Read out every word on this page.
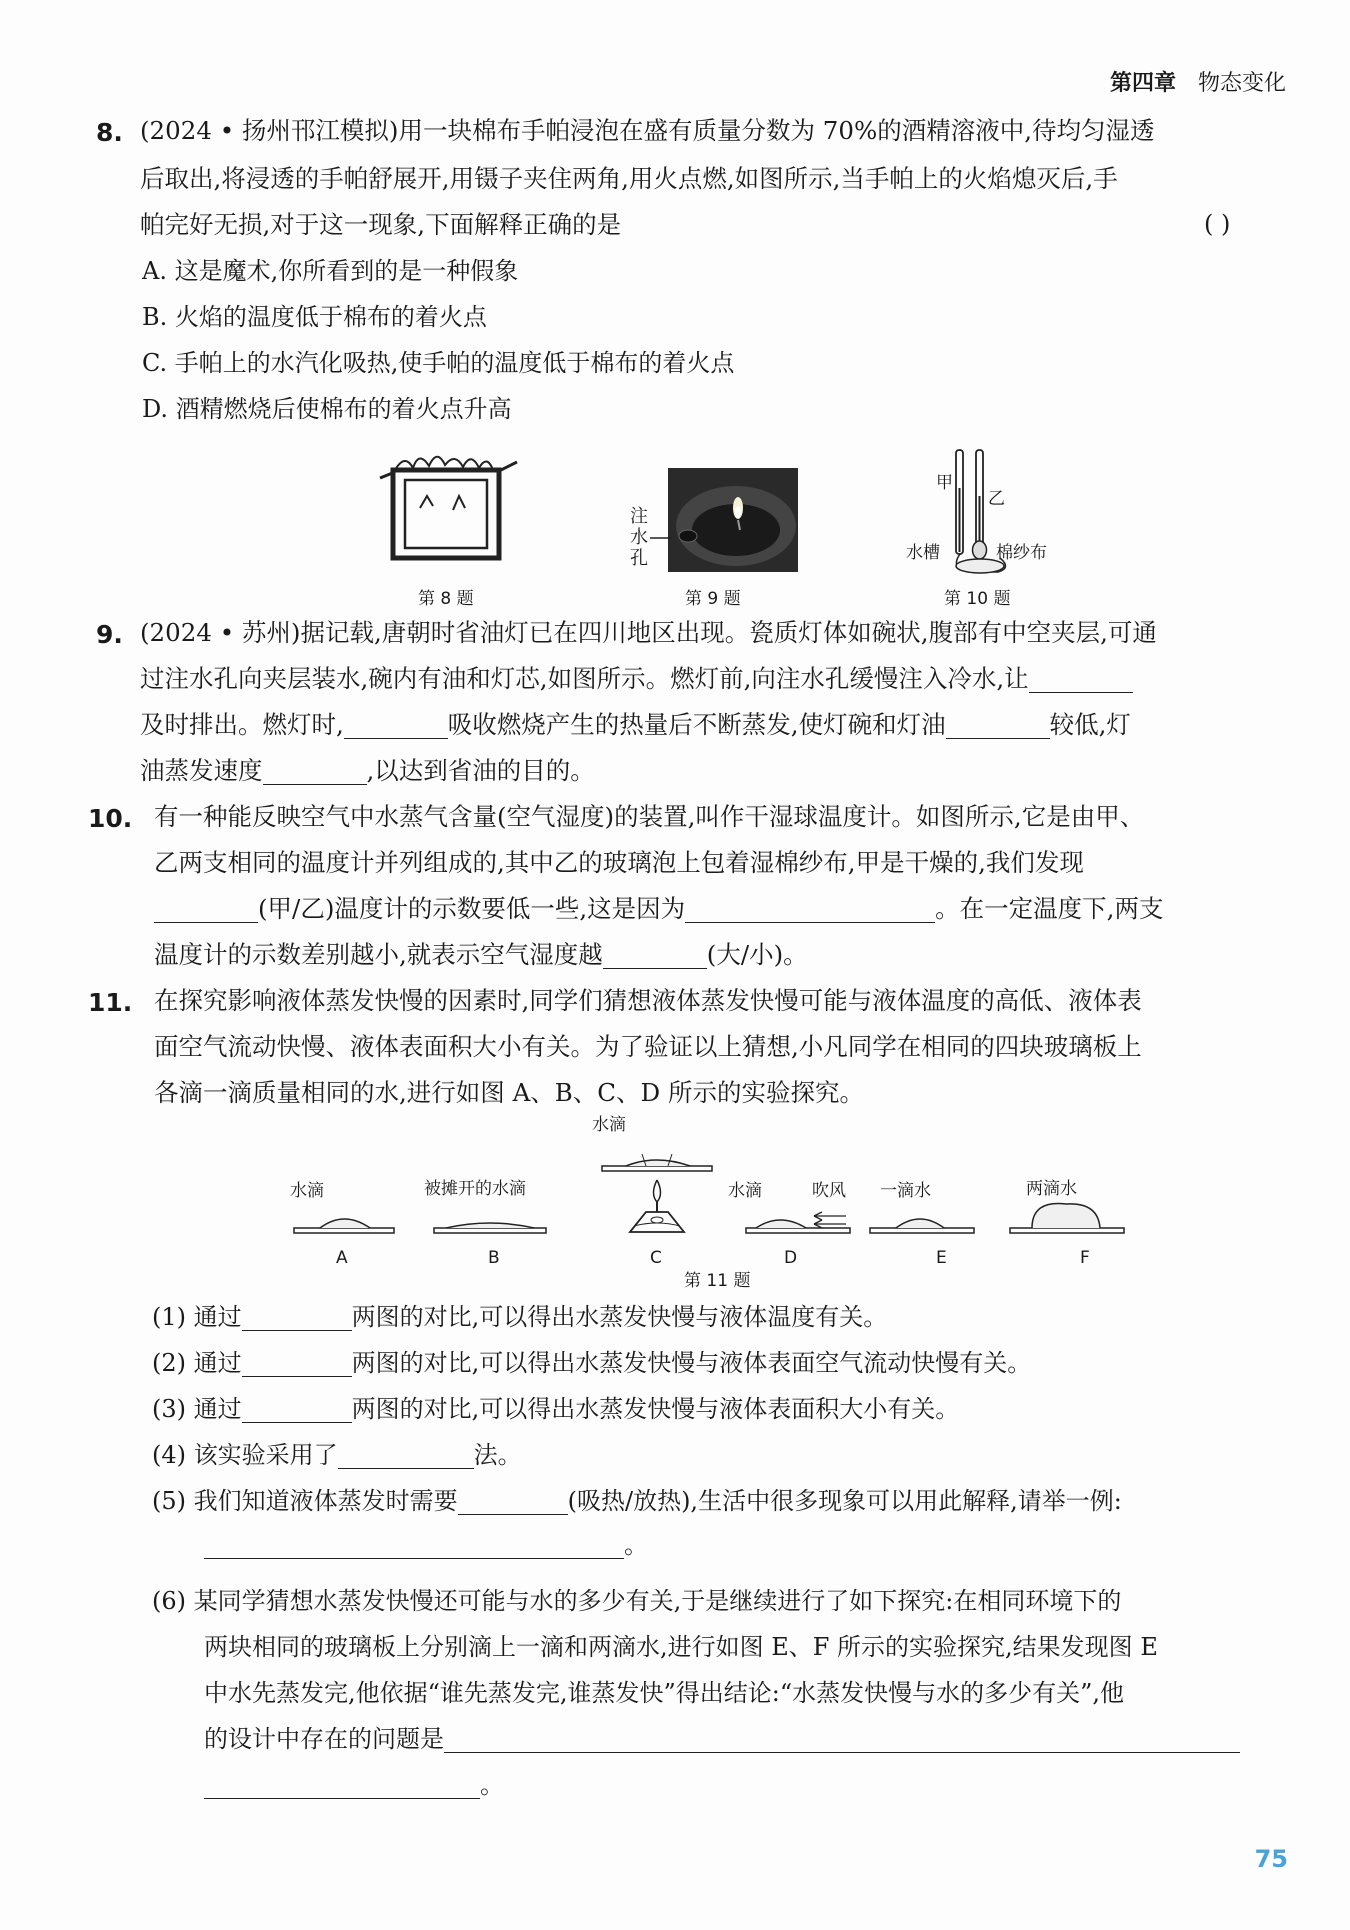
第四章 物态变化
8. (2024 • 扬州邗江模拟)用一块棉布手帕浸泡在盛有质量分数为 70%的酒精溶液中,待均匀湿透
后取出,将浸透的手帕舒展开,用镊子夹住两角,用火点燃,如图所示,当手帕上的火焰熄灭后,手
帕完好无损,对于这一现象,下面解释正确的是	( )
A. 这是魔术,你所看到的是一种假象
B. 火焰的温度低于棉布的着火点
C. 手帕上的水汽化吸热,使手帕的温度低于棉布的着火点
D. 酒精燃烧后使棉布的着火点升高
第 8 题
注
水
孔
第 9 题
甲
乙
水槽	棉纱布
第 10 题
9. (2024 • 苏州)据记载,唐朝时省油灯已在四川地区出现。瓷质灯体如碗状,腹部有中空夹层,可通
过注水孔向夹层装水,碗内有油和灯芯,如图所示。燃灯前,向注水孔缓慢注入冷水,让
及时排出。燃灯时,	吸收燃烧产生的热量后不断蒸发,使灯碗和灯油	较低,灯
油蒸发速度	,以达到省油的目的。
10. 有一种能反映空气中水蒸气含量(空气湿度)的装置,叫作干湿球温度计。如图所示,它是由甲、
乙两支相同的温度计并列组成的,其中乙的玻璃泡上包着湿棉纱布,甲是干燥的,我们发现
(甲/乙)温度计的示数要低一些,这是因为	。在一定温度下,两支
温度计的示数差别越小,就表示空气湿度越	(大/小)。
11. 在探究影响液体蒸发快慢的因素时,同学们猜想液体蒸发快慢可能与液体温度的高低、液体表
面空气流动快慢、液体表面积大小有关。为了验证以上猜想,小凡同学在相同的四块玻璃板上
各滴一滴质量相同的水,进行如图 A、B、C、D 所示的实验探究。
水滴
水滴	被摊开的水滴	水滴	吹风 一滴水	两滴水
A	B	C	D	E	F
第 11 题
(1) 通过	两图的对比,可以得出水蒸发快慢与液体温度有关。
(2) 通过	两图的对比,可以得出水蒸发快慢与液体表面空气流动快慢有关。
(3) 通过	两图的对比,可以得出水蒸发快慢与液体表面积大小有关。
(4) 该实验采用了	法。
(5) 我们知道液体蒸发时需要	(吸热/放热),生活中很多现象可以用此解释,请举一例:
。
(6) 某同学猜想水蒸发快慢还可能与水的多少有关,于是继续进行了如下探究:在相同环境下的
两块相同的玻璃板上分别滴上一滴和两滴水,进行如图 E、F 所示的实验探究,结果发现图 E
中水先蒸发完,他依据“谁先蒸发完,谁蒸发快”得出结论:“水蒸发快慢与水的多少有关”,他
的设计中存在的问题是
。
75
